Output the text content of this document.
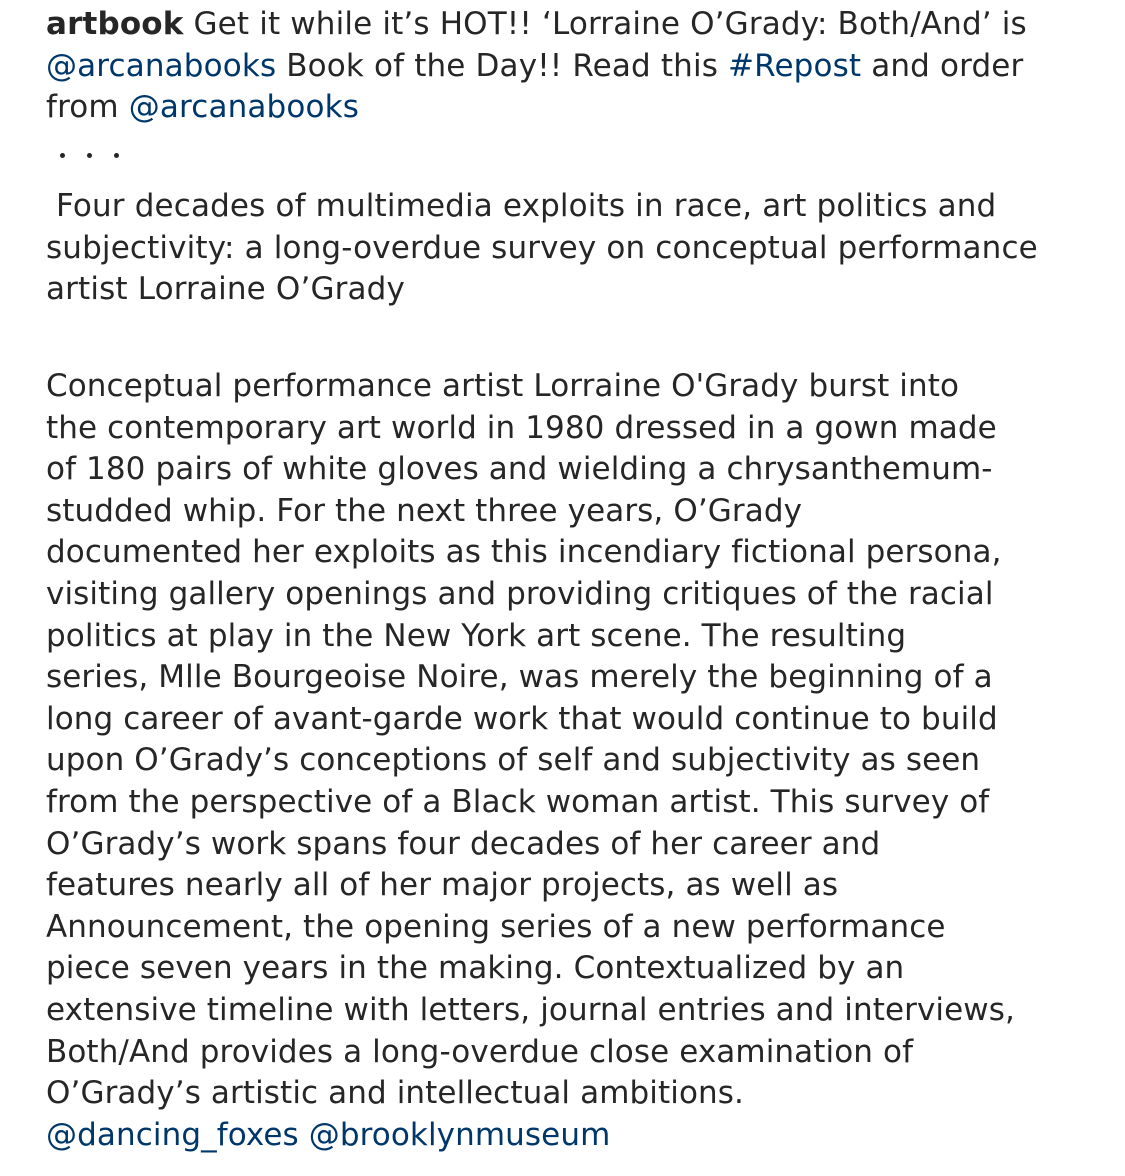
artbook Get it while it’s HOT!! ‘Lorraine O’Grady: Both/And’ is @arcanabooks Book of the Day!! Read this #Repost and order from @arcanabooks

Four decades of multimedia exploits in race, art politics and subjectivity: a long-overdue survey on conceptual performance artist Lorraine O’Grady

Conceptual performance artist Lorraine O'Grady burst into
the contemporary art world in 1980 dressed in a gown made
of 180 pairs of white gloves and wielding a chrysanthemum-
studded whip. For the next three years, O’Grady
documented her exploits as this incendiary fictional persona,
visiting gallery openings and providing critiques of the racial
politics at play in the New York art scene. The resulting
series, Mlle Bourgeoise Noire, was merely the beginning of a
long career of avant-garde work that would continue to build
upon O’Grady’s conceptions of self and subjectivity as seen
from the perspective of a Black woman artist. This survey of
O’Grady’s work spans four decades of her career and
features nearly all of her major projects, as well as
Announcement, the opening series of a new performance
piece seven years in the making. Contextualized by an
extensive timeline with letters, journal entries and interviews,
Both/And provides a long-overdue close examination of
O’Grady’s artistic and intellectual ambitions.
@dancing_foxes @brooklynmuseum
